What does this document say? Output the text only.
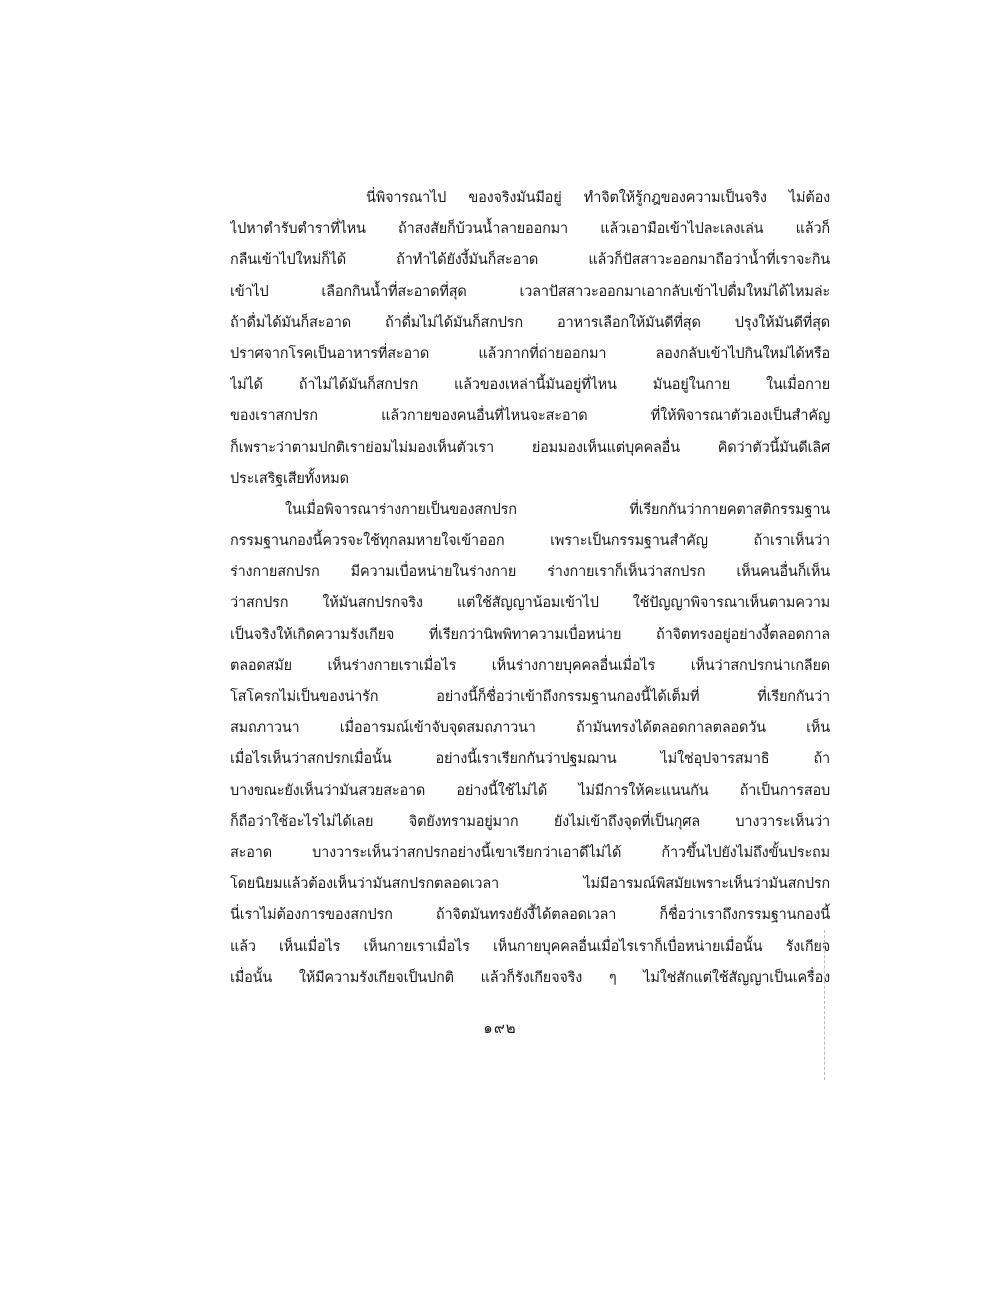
นี่พิจารณาไป ของจริงมันมีอยู่ ทำจิตให้รู้กฎของความเป็นจริง ไม่ต้อง
ไปหาตำรับตำราที่ไหน ถ้าสงสัยก็บ้วนน้ำลายออกมา แล้วเอามือเข้าไปละเลงเล่น แล้วก็
กลืนเข้าไปใหม่ก็ได้ ถ้าทำได้ยังงี้มันก็สะอาด แล้วก็ปัสสาวะออกมาถือว่าน้ำที่เราจะกิน
เข้าไป เลือกกินน้ำที่สะอาดที่สุด เวลาปัสสาวะออกมาเอากลับเข้าไปดื่มใหม่ได้ไหมล่ะ
ถ้าดื่มได้มันก็สะอาด ถ้าดื่มไม่ได้มันก็สกปรก อาหารเลือกให้มันดีที่สุด ปรุงให้มันดีที่สุด
ปราศจากโรคเป็นอาหารที่สะอาด แล้วกากที่ถ่ายออกมา ลองกลับเข้าไปกินใหม่ได้หรือ
ไม่ได้ ถ้าไม่ได้มันก็สกปรก แล้วของเหล่านี้มันอยู่ที่ไหน มันอยู่ในกาย ในเมื่อกาย
ของเราสกปรก แล้วกายของคนอื่นที่ไหนจะสะอาด ที่ให้พิจารณาตัวเองเป็นสำคัญ
ก็เพราะว่าตามปกติเราย่อมไม่มองเห็นตัวเรา ย่อมมองเห็นแต่บุคคลอื่น คิดว่าตัวนี้มันดีเลิศ
ประเสริฐเสียทั้งหมด
ในเมื่อพิจารณาร่างกายเป็นของสกปรก ที่เรียกกันว่ากายคตาสติกรรมฐาน
กรรมฐานกองนี้ควรจะใช้ทุกลมหายใจเข้าออก เพราะเป็นกรรมฐานสำคัญ ถ้าเราเห็นว่า
ร่างกายสกปรก มีความเบื่อหน่ายในร่างกาย ร่างกายเราก็เห็นว่าสกปรก เห็นคนอื่นก็เห็น
ว่าสกปรก ให้มันสกปรกจริง แต่ใช้สัญญาน้อมเข้าไป ใช้ปัญญาพิจารณาเห็นตามความ
เป็นจริงให้เกิดความรังเกียจ ที่เรียกว่านิพพิทาความเบื่อหน่าย ถ้าจิตทรงอยู่อย่างงี้ตลอดกาล
ตลอดสมัย เห็นร่างกายเราเมื่อไร เห็นร่างกายบุคคลอื่นเมื่อไร เห็นว่าสกปรกน่าเกลียด
โสโครกไม่เป็นของน่ารัก อย่างนี้ก็ชื่อว่าเข้าถึงกรรมฐานกองนี้ได้เต็มที่ ที่เรียกกันว่า
สมถภาวนา เมื่ออารมณ์เข้าจับจุดสมถภาวนา ถ้ามันทรงได้ตลอดกาลตลอดวัน เห็น
เมื่อไรเห็นว่าสกปรกเมื่อนั้น อย่างนี้เราเรียกกันว่าปฐมฌาน ไม่ใช่อุปจารสมาธิ ถ้า
บางขณะยังเห็นว่ามันสวยสะอาด อย่างนี้ใช้ไม่ได้ ไม่มีการให้คะแนนกัน ถ้าเป็นการสอบ
ก็ถือว่าใช้อะไรไม่ได้เลย จิตยังทรามอยู่มาก ยังไม่เข้าถึงจุดที่เป็นกุศล บางวาระเห็นว่า
สะอาด บางวาระเห็นว่าสกปรกอย่างนี้เขาเรียกว่าเอาดีไม่ได้ ก้าวขึ้นไปยังไม่ถึงขั้นประถม
โดยนิยมแล้วต้องเห็นว่ามันสกปรกตลอดเวลา ไม่มีอารมณ์พิสมัยเพราะเห็นว่ามันสกปรก
นี่เราไม่ต้องการของสกปรก ถ้าจิตมันทรงยังงี้ได้ตลอดเวลา ก็ชื่อว่าเราถึงกรรมฐานกองนี้
แล้ว เห็นเมื่อไร เห็นกายเราเมื่อไร เห็นกายบุคคลอื่นเมื่อไรเราก็เบื่อหน่ายเมื่อนั้น รังเกียจ
เมื่อนั้น ให้มีความรังเกียจเป็นปกติ แล้วก็รังเกียจจริง ๆ ไม่ใช่สักแต่ใช้สัญญาเป็นเครื่อง
๑๙๒
